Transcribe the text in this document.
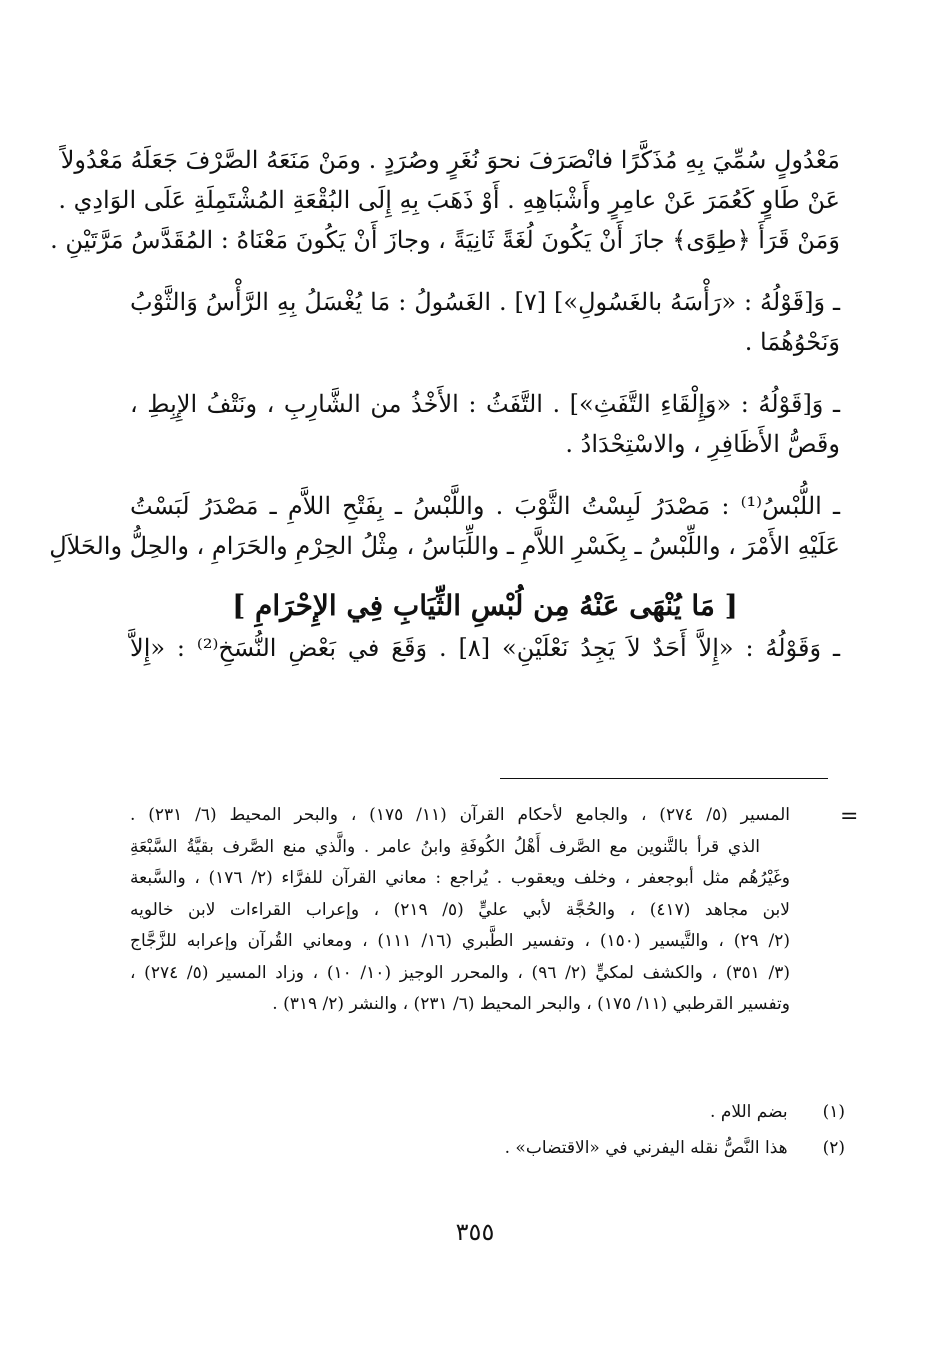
مَعْدُولٍ سُمِّيَ بِهِ مُذَكَّرًا فانْصَرَفَ نحوَ نُغَرٍ وصُرَدٍ . ومَنْ مَنَعَهُ الصَّرْفَ جَعَلَهُ مَعْدُولاً
عَنْ طَاوٍ كَعُمَرَ عَنْ عامِرٍ وأَشْبَاهِهِ . أَوْ ذَهَبَ بِهِ إِلَى البُقْعَةِ المُشْتَمِلَةِ عَلَى الوَادِي .
وَمَنْ قَرَأَ ﴿طِوًى﴾ جازَ أَنْ يَكُونَ لُغَةً ثَانِيَةً ، وجازَ أَنْ يَكُونَ مَعْنَاهُ : المُقَدَّسُ مَرَّتَيْنِ .
ـ وَ[قَوْلُهُ : «رَأْسَهُ بالغَسُولِ»] [٧] . الغَسُولُ : مَا يُغْسَلُ بِهِ الرَّأْسُ وَالثَّوْبُ
وَنَحْوُهُمَا .
ـ وَ[قَوْلُهُ : «وَإِلْقَاءِ التَّفَثِ»] . التَّفَثُ : الأَخْذُ من الشَّارِبِ ، ونَتْفُ الإِبِطِ ،
وقَصُّ الأَظَافِرِ ، والاسْتِحْدَادُ .
ـ اللُّبْسُ⁽¹⁾ : مَصْدَرُ لَبِسْتُ الثَّوْبَ . واللَّبْسُ ـ بِفَتْحِ اللاَّمِ ـ مَصْدَرُ لَبَسْتُ
عَلَيْهِ الأَمْرَ ، واللِّبْسُ ـ بِكَسْرِ اللاَّمِ ـ واللِّبَاسُ ، مِثْلُ الحِرْمِ والحَرَامِ ، والحِلُّ والحَلاَلِ
[ مَا يُنْهَى عَنْهُ مِن لُبْسِ الثِّيَابِ فِي الإِحْرَامِ ]
ـ وَقَوْلُهُ : «إِلاَّ أَحَدٌ لاَ يَجِدُ نَعْلَيْنِ» [٨] . وَقَعَ في بَعْضِ النُّسَخِ⁽²⁾ : «إِلاَّ
=
المسير (٥/ ٢٧٤) ، والجامع لأحكام القرآن (١١/ ١٧٥) ، والبحر المحيط (٦/ ٢٣١) .
الذي قرأ بالتَّنوين مع الصَّرف أَهْلُ الكُوفَةِ وابنُ عامر . والَّذي منع الصَّرف بقيَّةُ السَّبْعَةِ
وغَيْرُهُم مثل أبوجعفر ، وخلف ويعقوب . يُراجع : معاني القرآن للفرَّاء (٢/ ١٧٦) ، والسَّبعة
لابن مجاهد (٤١٧) ، والحُجَّة لأبي عليٍّ (٥/ ٢١٩) ، وإعراب القراءات لابن خالويه
(٢/ ٢٩) ، والتَّيسير (١٥٠) ، وتفسير الطَّبري (١٦/ ١١١) ، ومعاني القُرآن وإعرابه للزَّجَّاج
(٣/ ٣٥١) ، والكشف لمكيٍّ (٢/ ٩٦) ، والمحرر الوجيز (١٠/ ١٠) ، وزاد المسير (٥/ ٢٧٤) ،
وتفسير القرطبي (١١/ ١٧٥) ، والبحر المحيط (٦/ ٢٣١) ، والنشر (٢/ ٣١٩) .
(١) بضم اللام .
(٢) هذا النَّصُّ نقله اليفرني في «الاقتضاب» .
٣٥٥
